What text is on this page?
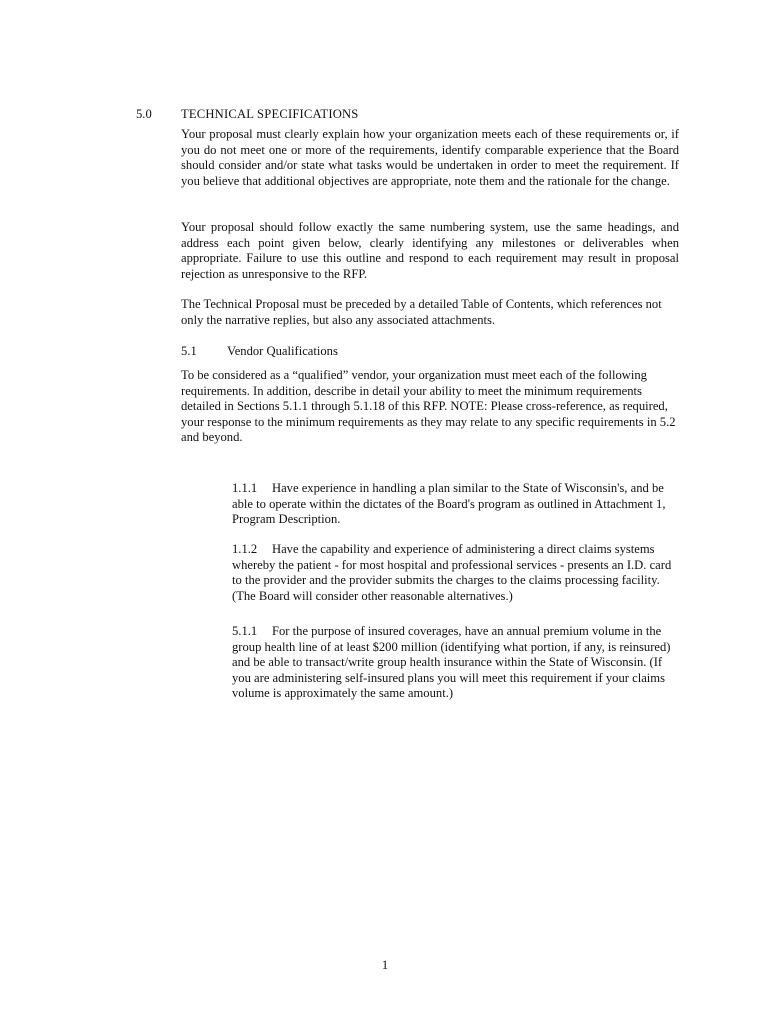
5.0 TECHNICAL SPECIFICATIONS
Your proposal must clearly explain how your organization meets each of these requirements or, if you do not meet one or more of the requirements, identify comparable experience that the Board should consider and/or state what tasks would be undertaken in order to meet the requirement. If you believe that additional objectives are appropriate, note them and the rationale for the change.
Your proposal should follow exactly the same numbering system, use the same headings, and address each point given below, clearly identifying any milestones or deliverables when appropriate. Failure to use this outline and respond to each requirement may result in proposal rejection as unresponsive to the RFP.
The Technical Proposal must be preceded by a detailed Table of Contents, which references not only the narrative replies, but also any associated attachments.
5.1 Vendor Qualifications
To be considered as a “qualified” vendor, your organization must meet each of the following requirements. In addition, describe in detail your ability to meet the minimum requirements detailed in Sections 5.1.1 through 5.1.18 of this RFP. NOTE: Please cross-reference, as required, your response to the minimum requirements as they may relate to any specific requirements in 5.2 and beyond.
1.1.1 Have experience in handling a plan similar to the State of Wisconsin's, and be able to operate within the dictates of the Board's program as outlined in Attachment 1, Program Description.
1.1.2 Have the capability and experience of administering a direct claims systems whereby the patient - for most hospital and professional services - presents an I.D. card to the provider and the provider submits the charges to the claims processing facility. (The Board will consider other reasonable alternatives.)
5.1.1 For the purpose of insured coverages, have an annual premium volume in the group health line of at least $200 million (identifying what portion, if any, is reinsured) and be able to transact/write group health insurance within the State of Wisconsin. (If you are administering self-insured plans you will meet this requirement if your claims volume is approximately the same amount.)
1
